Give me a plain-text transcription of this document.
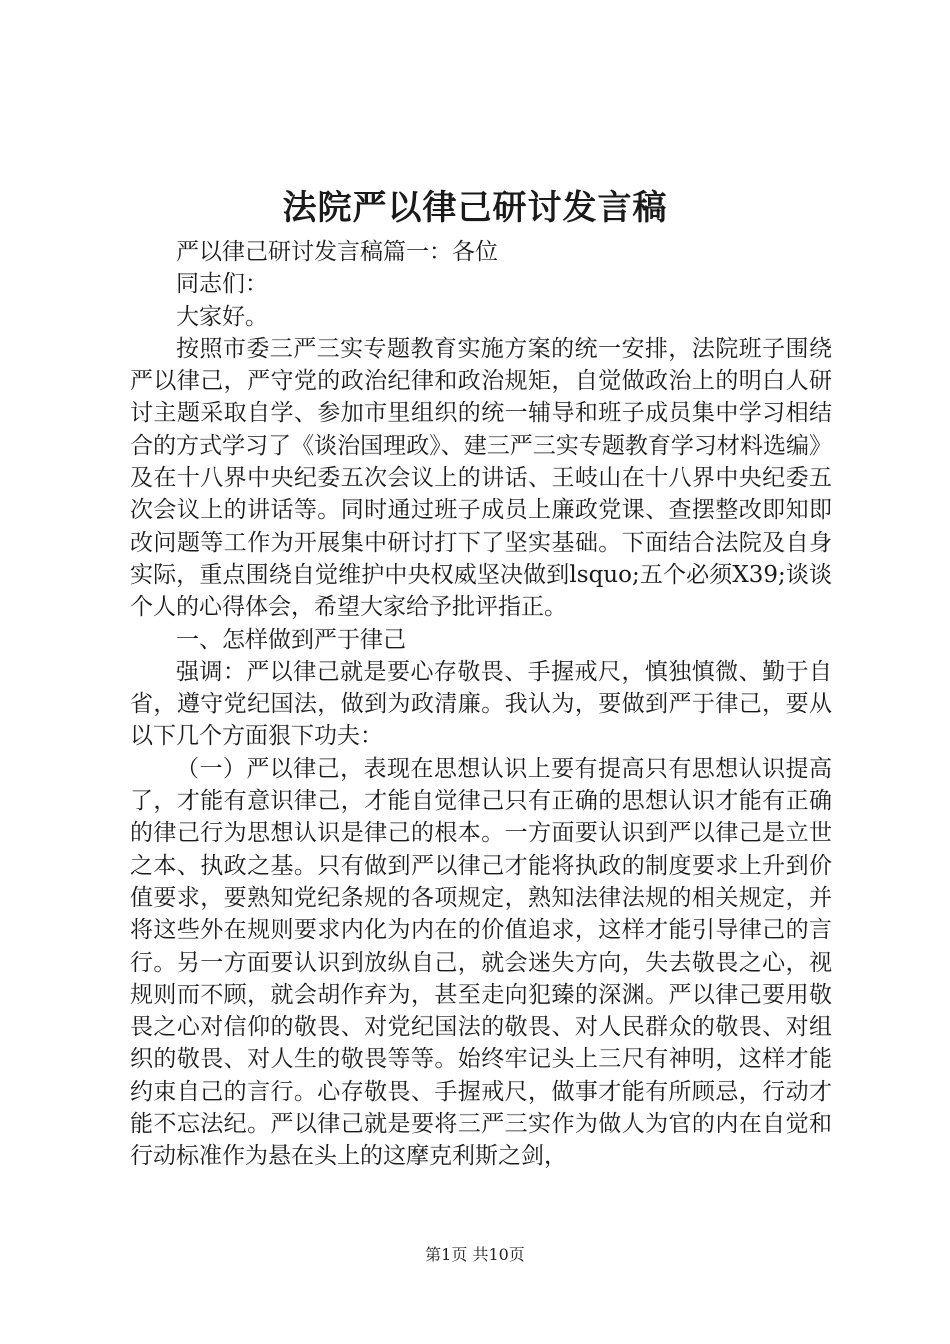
法院严以律己研讨发言稿

严以律己研讨发言稿篇一：各位

同志们：

大家好。

按照市委三严三实专题教育实施方案的统一安排，法院班子围绕严以律己，严守党的政治纪律和政治规矩，自觉做政治上的明白人研讨主题采取自学、参加市里组织的统一辅导和班子成员集中学习相结合的方式学习了《谈治国理政》、建三严三实专题教育学习材料选编》及在十八界中央纪委五次会议上的讲话、王岐山在十八界中央纪委五次会议上的讲话等。同时通过班子成员上廉政党课、查摆整改即知即改问题等工作为开展集中研讨打下了坚实基础。下面结合法院及自身实际，重点围绕自觉维护中央权威坚决做到lsquo;五个必须X39;谈谈个人的心得体会，希望大家给予批评指正。

一、怎样做到严于律己

强调：严以律己就是要心存敬畏、手握戒尺，慎独慎微、勤于自省，遵守党纪国法，做到为政清廉。我认为，要做到严于律己，要从以下几个方面狠下功夫：

（一）严以律己，表现在思想认识上要有提高只有思想认识提高了，才能有意识律己，才能自觉律己只有正确的思想认识才能有正确的律己行为思想认识是律己的根本。一方面要认识到严以律己是立世之本、执政之基。只有做到严以律己才能将执政的制度要求上升到价值要求，要熟知党纪条规的各项规定，熟知法律法规的相关规定，并将这些外在规则要求内化为内在的价值追求，这样才能引导律己的言行。另一方面要认识到放纵自己，就会迷失方向，失去敬畏之心，视规则而不顾，就会胡作弃为，甚至走向犯臻的深渊。严以律己要用敬畏之心对信仰的敬畏、对党纪国法的敬畏、对人民群众的敬畏、对组织的敬畏、对人生的敬畏等等。始终牢记头上三尺有神明，这样才能约束自己的言行。心存敬畏、手握戒尺，做事才能有所顾忌，行动才能不忘法纪。严以律己就是要将三严三实作为做人为官的内在自觉和行动标准作为悬在头上的这摩克利斯之剑，

第1页 共10页
